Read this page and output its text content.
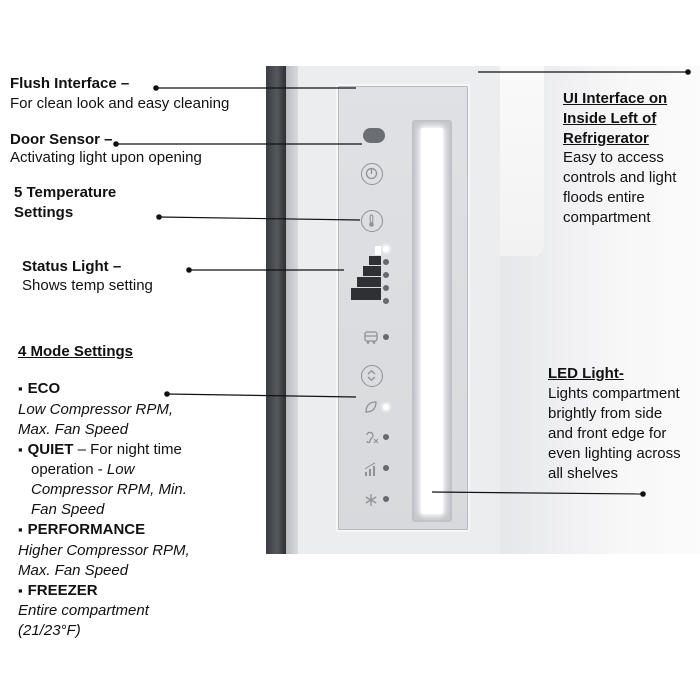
Flush Interface –
For clean look and easy cleaning
Door Sensor –
Activating light upon opening
5 Temperature
Settings
Status Light –
Shows temp setting
4 Mode Settings
▪ ECO
Low Compressor RPM,
Max. Fan Speed
▪ QUIET – For night time
operation - Low
Compressor RPM, Min.
Fan Speed
▪ PERFORMANCE
Higher Compressor RPM,
Max. Fan Speed
▪ FREEZER
Entire compartment
(21/23°F)
UI Interface on
Inside Left of
Refrigerator
Easy to access
controls and light
floods entire
compartment
LED Light-
Lights compartment
brightly from side
and front edge for
even lighting across
all shelves
